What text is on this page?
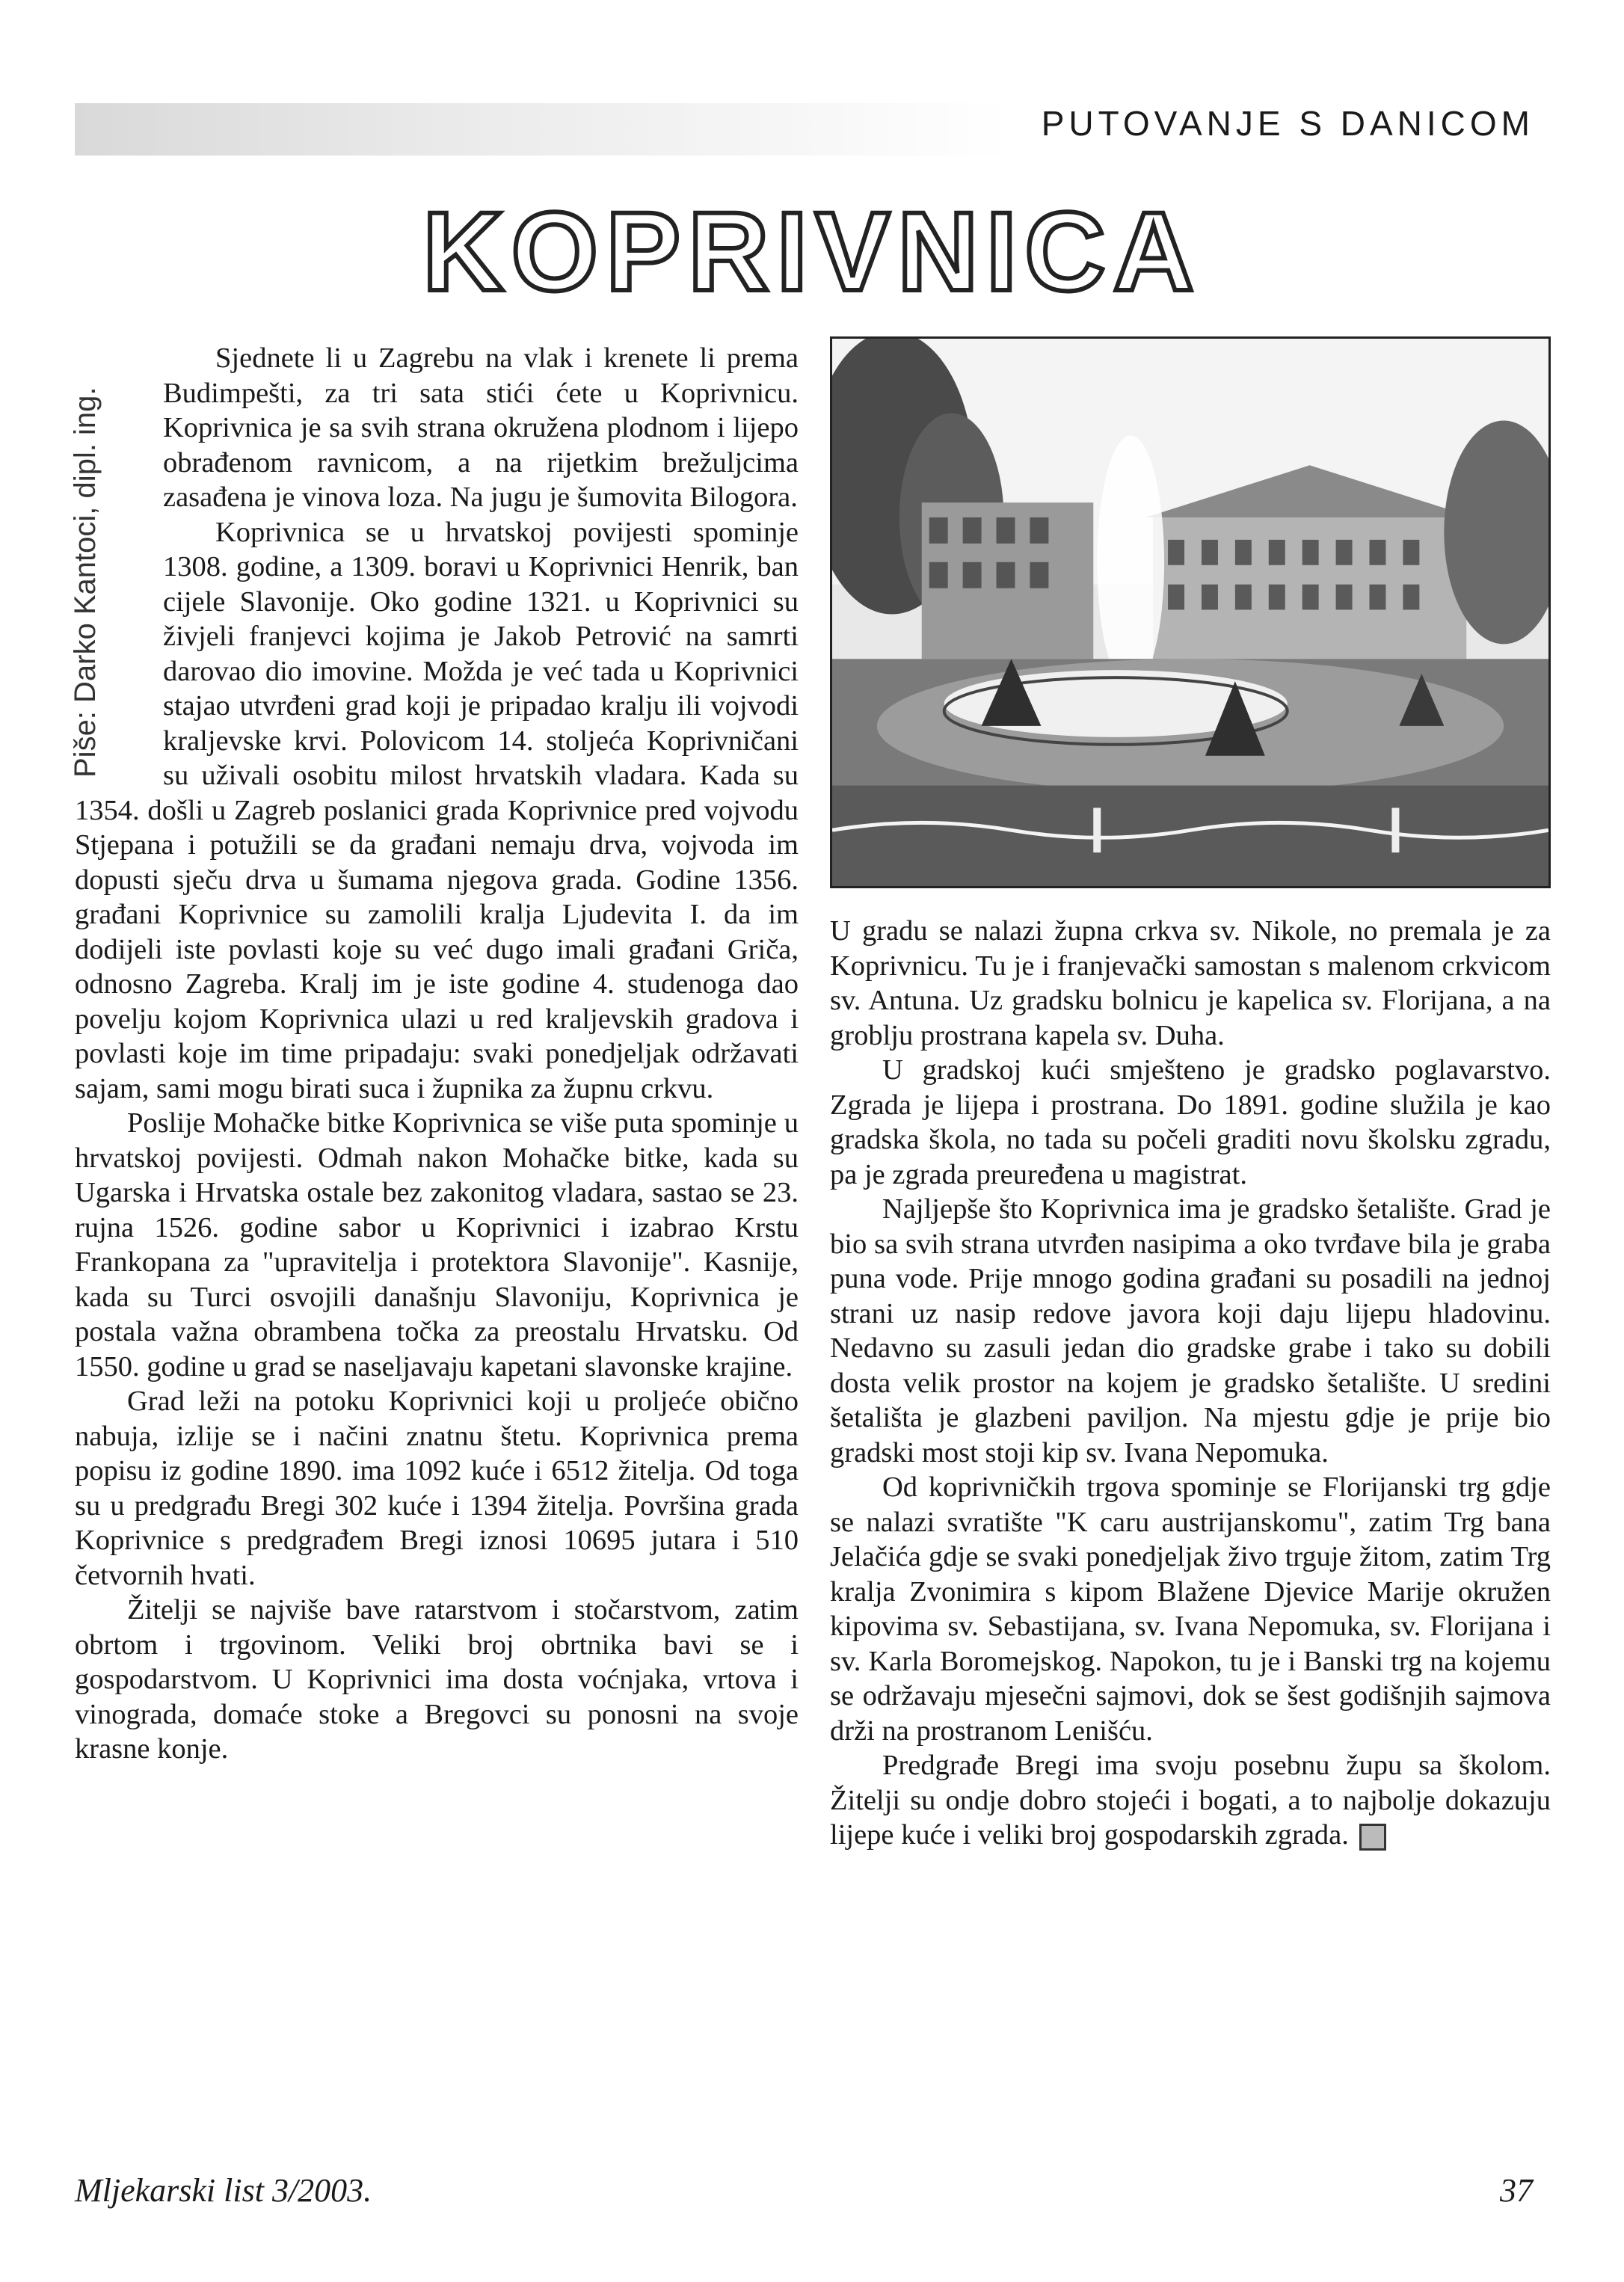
PUTOVANJE S DANICOM
KOPRIVNICA
Piše: Darko Kantoci, dipl. ing.

Sjednete li u Zagrebu na vlak i krenete li prema Budimpešti, za tri sata stići ćete u Koprivnicu. Koprivnica je sa svih strana okružena plodnom i lijepo obrađenom ravnicom, a na rijetkim brežuljcima zasađena je vinova loza. Na jugu je šumovita Bilogora.

Koprivnica se u hrvatskoj povijesti spominje 1308. godine, a 1309. boravi u Koprivnici Henrik, ban cijele Slavonije. Oko godine 1321. u Koprivnici su živjeli franjevci kojima je Jakob Petrović na samrti darovao dio imovine. Možda je već tada u Koprivnici stajao utvrđeni grad koji je pripadao kralju ili vojvodi kraljevske krvi. Polovicom 14. stoljeća Koprivničani su uživali osobitu milost hrvatskih vladara. Kada su 1354. došli u Zagreb poslanici grada Koprivnice pred vojvodu Stjepana i potužili se da građani nemaju drva, vojvoda im dopusti sječu drva u šumama njegova grada. Godine 1356. građani Koprivnice su zamolili kralja Ljudevita I. da im dodijeli iste povlasti koje su već dugo imali građani Griča, odnosno Zagreba. Kralj im je iste godine 4. studenoga dao povelju kojom Koprivnica ulazi u red kraljevskih gradova i povlasti koje im time pripadaju: svaki ponedjeljak održavati sajam, sami mogu birati suca i župnika za župnu crkvu.

Poslije Mohačke bitke Koprivnica se više puta spominje u hrvatskoj povijesti. Odmah nakon Mohačke bitke, kada su Ugarska i Hrvatska ostale bez zakonitog vladara, sastao se 23. rujna 1526. godine sabor u Koprivnici i izabrao Krstu Frankopana za "upravitelja i protektora Slavonije". Kasnije, kada su Turci osvojili današnju Slavoniju, Koprivnica je postala važna obrambena točka za preostalu Hrvatsku. Od 1550. godine u grad se naseljavaju kapetani slavonske krajine.

Grad leži na potoku Koprivnici koji u proljeće obično nabuja, izlije se i načini znatnu štetu. Koprivnica prema popisu iz godine 1890. ima 1092 kuće i 6512 žitelja. Od toga su u predgrađu Bregi 302 kuće i 1394 žitelja. Površina grada Koprivnice s predgrađem Bregi iznosi 10695 jutara i 510 četvornih hvati.

Žitelji se najviše bave ratarstvom i stočarstvom, zatim obrtom i trgovinom. Veliki broj obrtnika bavi se i gospodarstvom. U Koprivnici ima dosta voćnjaka, vrtova i vinograda, domaće stoke a Bregovci su ponosni na svoje krasne konje.

U gradu se nalazi župna crkva sv. Nikole, no premala je za Koprivnicu. Tu je i franjevački samostan s malenom crkvicom sv. Antuna. Uz gradsku bolnicu je kapelica sv. Florijana, a na groblju prostrana kapela sv. Duha.

U gradskoj kući smješteno je gradsko poglavarstvo. Zgrada je lijepa i prostrana. Do 1891. godine služila je kao gradska škola, no tada su počeli graditi novu školsku zgradu, pa je zgrada preuređena u magistrat.

Najljepše što Koprivnica ima je gradsko šetalište. Grad je bio sa svih strana utvrđen nasipima a oko tvrđave bila je graba puna vode. Prije mnogo godina građani su posadili na jednoj strani uz nasip redove javora koji daju lijepu hladovinu. Nedavno su zasuli jedan dio gradske grabe i tako su dobili dosta velik prostor na kojem je gradsko šetalište. U sredini šetališta je glazbeni paviljon. Na mjestu gdje je prije bio gradski most stoji kip sv. Ivana Nepomuka.

Od koprivničkih trgova spominje se Florijanski trg gdje se nalazi svratište "K caru austrijanskomu", zatim Trg bana Jelačića gdje se svaki ponedjeljak živo trguje žitom, zatim Trg kralja Zvonimira s kipom Blažene Djevice Marije okružen kipovima sv. Sebastijana, sv. Ivana Nepomuka, sv. Florijana i sv. Karla Boromejskog. Napokon, tu je i Banski trg na kojemu se održavaju mjesečni sajmovi, dok se šest godišnjih sajmova drži na prostranom Lenišću.

Predgrađe Bregi ima svoju posebnu župu sa školom. Žitelji su ondje dobro stojeći i bogati, a to najbolje dokazuju lijepe kuće i veliki broj gospodarskih zgrada.

Mljekarski list 3/2003.	37
